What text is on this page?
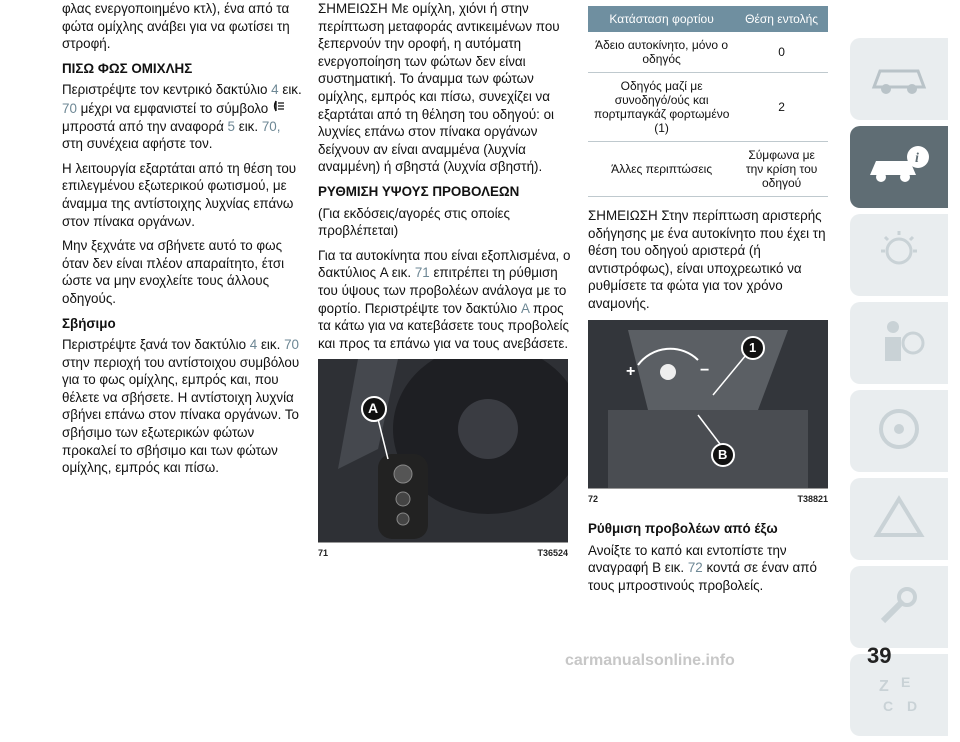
φλας ενεργοποιημένο κτλ), ένα από τα φώτα ομίχλης ανάβει για να φωτίσει τη στροφή.

ΠΙΣΩ ΦΩΣ ΟΜΙΧΛΗΣ

Περιστρέψτε τον κεντρικό δακτύλιο 4 εικ. 70 μέχρι να εμφανιστεί το σύμβολο  μπροστά από την αναφορά 5 εικ. 70, στη συνέχεια αφήστε τον.

Η λειτουργία εξαρτάται από τη θέση του επιλεγμένου εξωτερικού φωτισμού, με άναμμα της αντίστοιχης λυχνίας επάνω στον πίνακα οργάνων.

Μην ξεχνάτε να σβήνετε αυτό το φως όταν δεν είναι πλέον απαραίτητο, έτσι ώστε να μην ενοχλείτε τους άλλους οδηγούς.

Σβήσιμο

Περιστρέψτε ξανά τον δακτύλιο 4 εικ. 70 στην περιοχή του αντίστοιχου συμβόλου για το φως ομίχλης, εμπρός και, που θέλετε να σβήσετε. Η αντίστοιχη λυχνία σβήνει επάνω στον πίνακα οργάνων. Το σβήσιμο των εξωτερικών φώτων προκαλεί το σβήσιμο και των φώτων ομίχλης, εμπρός και πίσω.

ΣΗΜΕΙΩΣΗ Με ομίχλη, χιόνι ή στην περίπτωση μεταφοράς αντικειμένων που ξεπερνούν την οροφή, η αυτόματη ενεργοποίηση των φώτων δεν είναι συστηματική. Το άναμμα των φώτων ομίχλης, εμπρός και πίσω, συνεχίζει να εξαρτάται από τη θέληση του οδηγού: οι λυχνίες επάνω στον πίνακα οργάνων δείχνουν αν είναι αναμμένα (λυχνία αναμμένη) ή σβηστά (λυχνία σβηστή).

ΡΥΘΜΙΣΗ ΥΨΟΥΣ ΠΡΟΒΟΛΕΩΝ

(Για εκδόσεις/αγορές στις οποίες προβλέπεται)

Για τα αυτοκίνητα που είναι εξοπλισμένα, ο δακτύλιος A εικ. 71 επιτρέπει τη ρύθμιση του ύψους των προβολέων ανάλογα με το φορτίο. Περιστρέψτε τον δακτύλιο A προς τα κάτω για να κατεβάσετε τους προβολείς και προς τα επάνω για να τους ανεβάσετε.

A
71	T36524
Κατάσταση φορτίου	Θέση εντολής
Άδειο αυτοκίνητο, μόνο ο οδηγός	0
Οδηγός μαζί με συνοδηγό/ούς και πορτμπαγκάζ φορτωμένο (1)	2
Άλλες περιπτώσεις	Σύμφωνα με την κρίση του οδηγού

ΣΗΜΕΙΩΣΗ Στην περίπτωση αριστερής οδήγησης με ένα αυτοκίνητο που έχει τη θέση του οδηγού αριστερά (ή αντιστρόφως), είναι υποχρεωτικό να ρυθμίσετε τα φώτα για τον χρόνο αναμονής.

+	−
1
B
72	T38821
Ρύθμιση προβολέων από έξω

Ανοίξτε το καπό και εντοπίστε την αναγραφή B εικ. 72 κοντά σε έναν από τους μπροστινούς προβολείς.

i
Z E
C D
39
carmanualsonline.info
